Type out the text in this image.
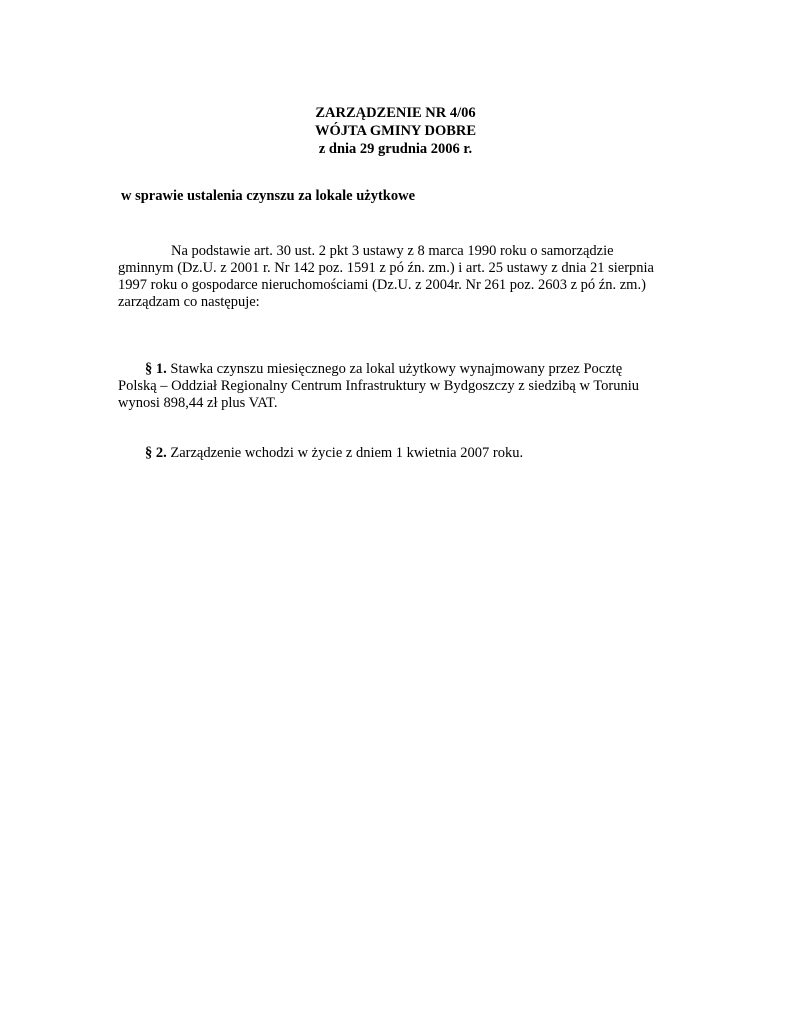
ZARZĄDZENIE NR 4/06
WÓJTA GMINY DOBRE
z dnia 29 grudnia 2006 r.
w sprawie ustalenia czynszu za lokale użytkowe
Na podstawie art. 30 ust. 2 pkt 3 ustawy z 8 marca 1990 roku o samorządzie
gminnym (Dz.U. z 2001 r. Nr 142 poz. 1591 z pó źn. zm.) i art. 25 ustawy z dnia 21 sierpnia
1997 roku o gospodarce nieruchomościami (Dz.U. z 2004r. Nr 261 poz. 2603 z pó źn. zm.)
zarządzam co następuje:
§ 1. Stawka czynszu miesięcznego za lokal użytkowy wynajmowany przez Pocztę
Polską – Oddział Regionalny Centrum Infrastruktury w Bydgoszczy z siedzibą w Toruniu
wynosi 898,44 zł plus VAT.
§ 2. Zarządzenie wchodzi w życie z dniem 1 kwietnia 2007 roku.
